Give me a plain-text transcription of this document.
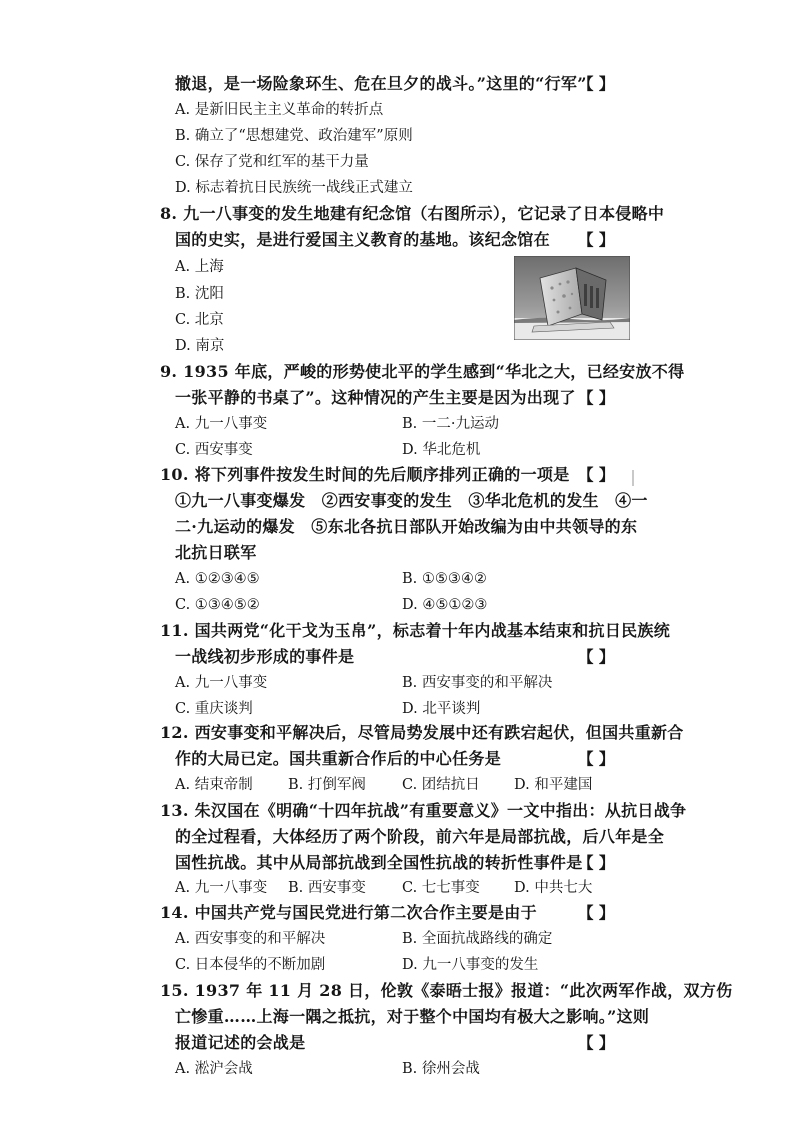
撤退，是一场险象环生、危在旦夕的战斗。”这里的“行军”
【 】
A. 是新旧民主主义革命的转折点
B. 确立了“思想建党、政治建军”原则
C. 保存了党和红军的基干力量
D. 标志着抗日民族统一战线正式建立
8. 九一八事变的发生地建有纪念馆（右图所示），它记录了日本侵略中
国的史实，是进行爱国主义教育的基地。该纪念馆在 【 】
A. 上海
B. 沈阳
C. 北京
D. 南京
9. 1935 年底，严峻的形势使北平的学生感到“华北之大，已经安放不得
一张平静的书桌了”。这种情况的产生主要是因为出现了 【 】
A. 九一八事变	B. 一二·九运动
C. 西安事变	D. 华北危机
10. 将下列事件按发生时间的先后顺序排列正确的一项是 【 】
①九一八事变爆发　②西安事变的发生　③华北危机的发生　④一
二·九运动的爆发　⑤东北各抗日部队开始改编为由中共领导的东
北抗日联军
A. ①②③④⑤	B. ①⑤③④②
C. ①③④⑤②	D. ④⑤①②③
11. 国共两党“化干戈为玉帛”，标志着十年内战基本结束和抗日民族统
一战线初步形成的事件是	【 】
A. 九一八事变	B. 西安事变的和平解决
C. 重庆谈判	D. 北平谈判
12. 西安事变和平解决后，尽管局势发展中还有跌宕起伏，但国共重新合
作的大局已定。国共重新合作后的中心任务是	【 】
A. 结束帝制 B. 打倒军阀 C. 团结抗日 D. 和平建国
13. 朱汉国在《明确“十四年抗战”有重要意义》一文中指出：从抗日战争
的全过程看，大体经历了两个阶段，前六年是局部抗战，后八年是全
国性抗战。其中从局部抗战到全国性抗战的转折性事件是
【 】
A. 九一八事变 B. 西安事变 C. 七七事变 D. 中共七大
14. 中国共产党与国民党进行第二次合作主要是由于	【 】
A. 西安事变的和平解决	B. 全面抗战路线的确定
C. 日本侵华的不断加剧	D. 九一八事变的发生
15. 1937 年 11 月 28 日，伦敦《泰晤士报》报道：“此次两军作战，双方伤
亡惨重……上海一隅之抵抗，对于整个中国均有极大之影响。”这则
报道记述的会战是	【 】
A. 淞沪会战	B. 徐州会战
